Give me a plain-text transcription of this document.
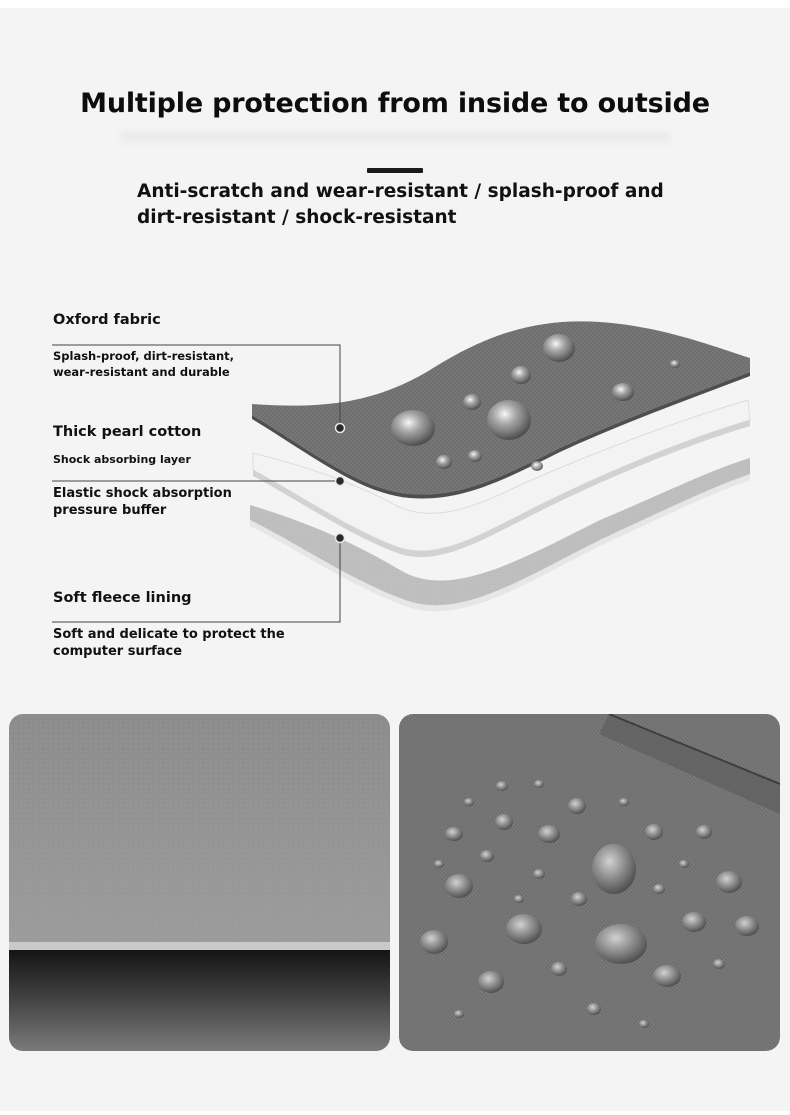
Multiple protection from inside to outside
Anti-scratch and wear-resistant / splash-proof and dirt-resistant / shock-resistant
Oxford fabric
Splash-proof, dirt-resistant,
wear-resistant and durable
Thick pearl cotton
Shock absorbing layer
Elastic shock absorption
pressure buffer
Soft fleece lining
Soft and delicate to protect the
computer surface
